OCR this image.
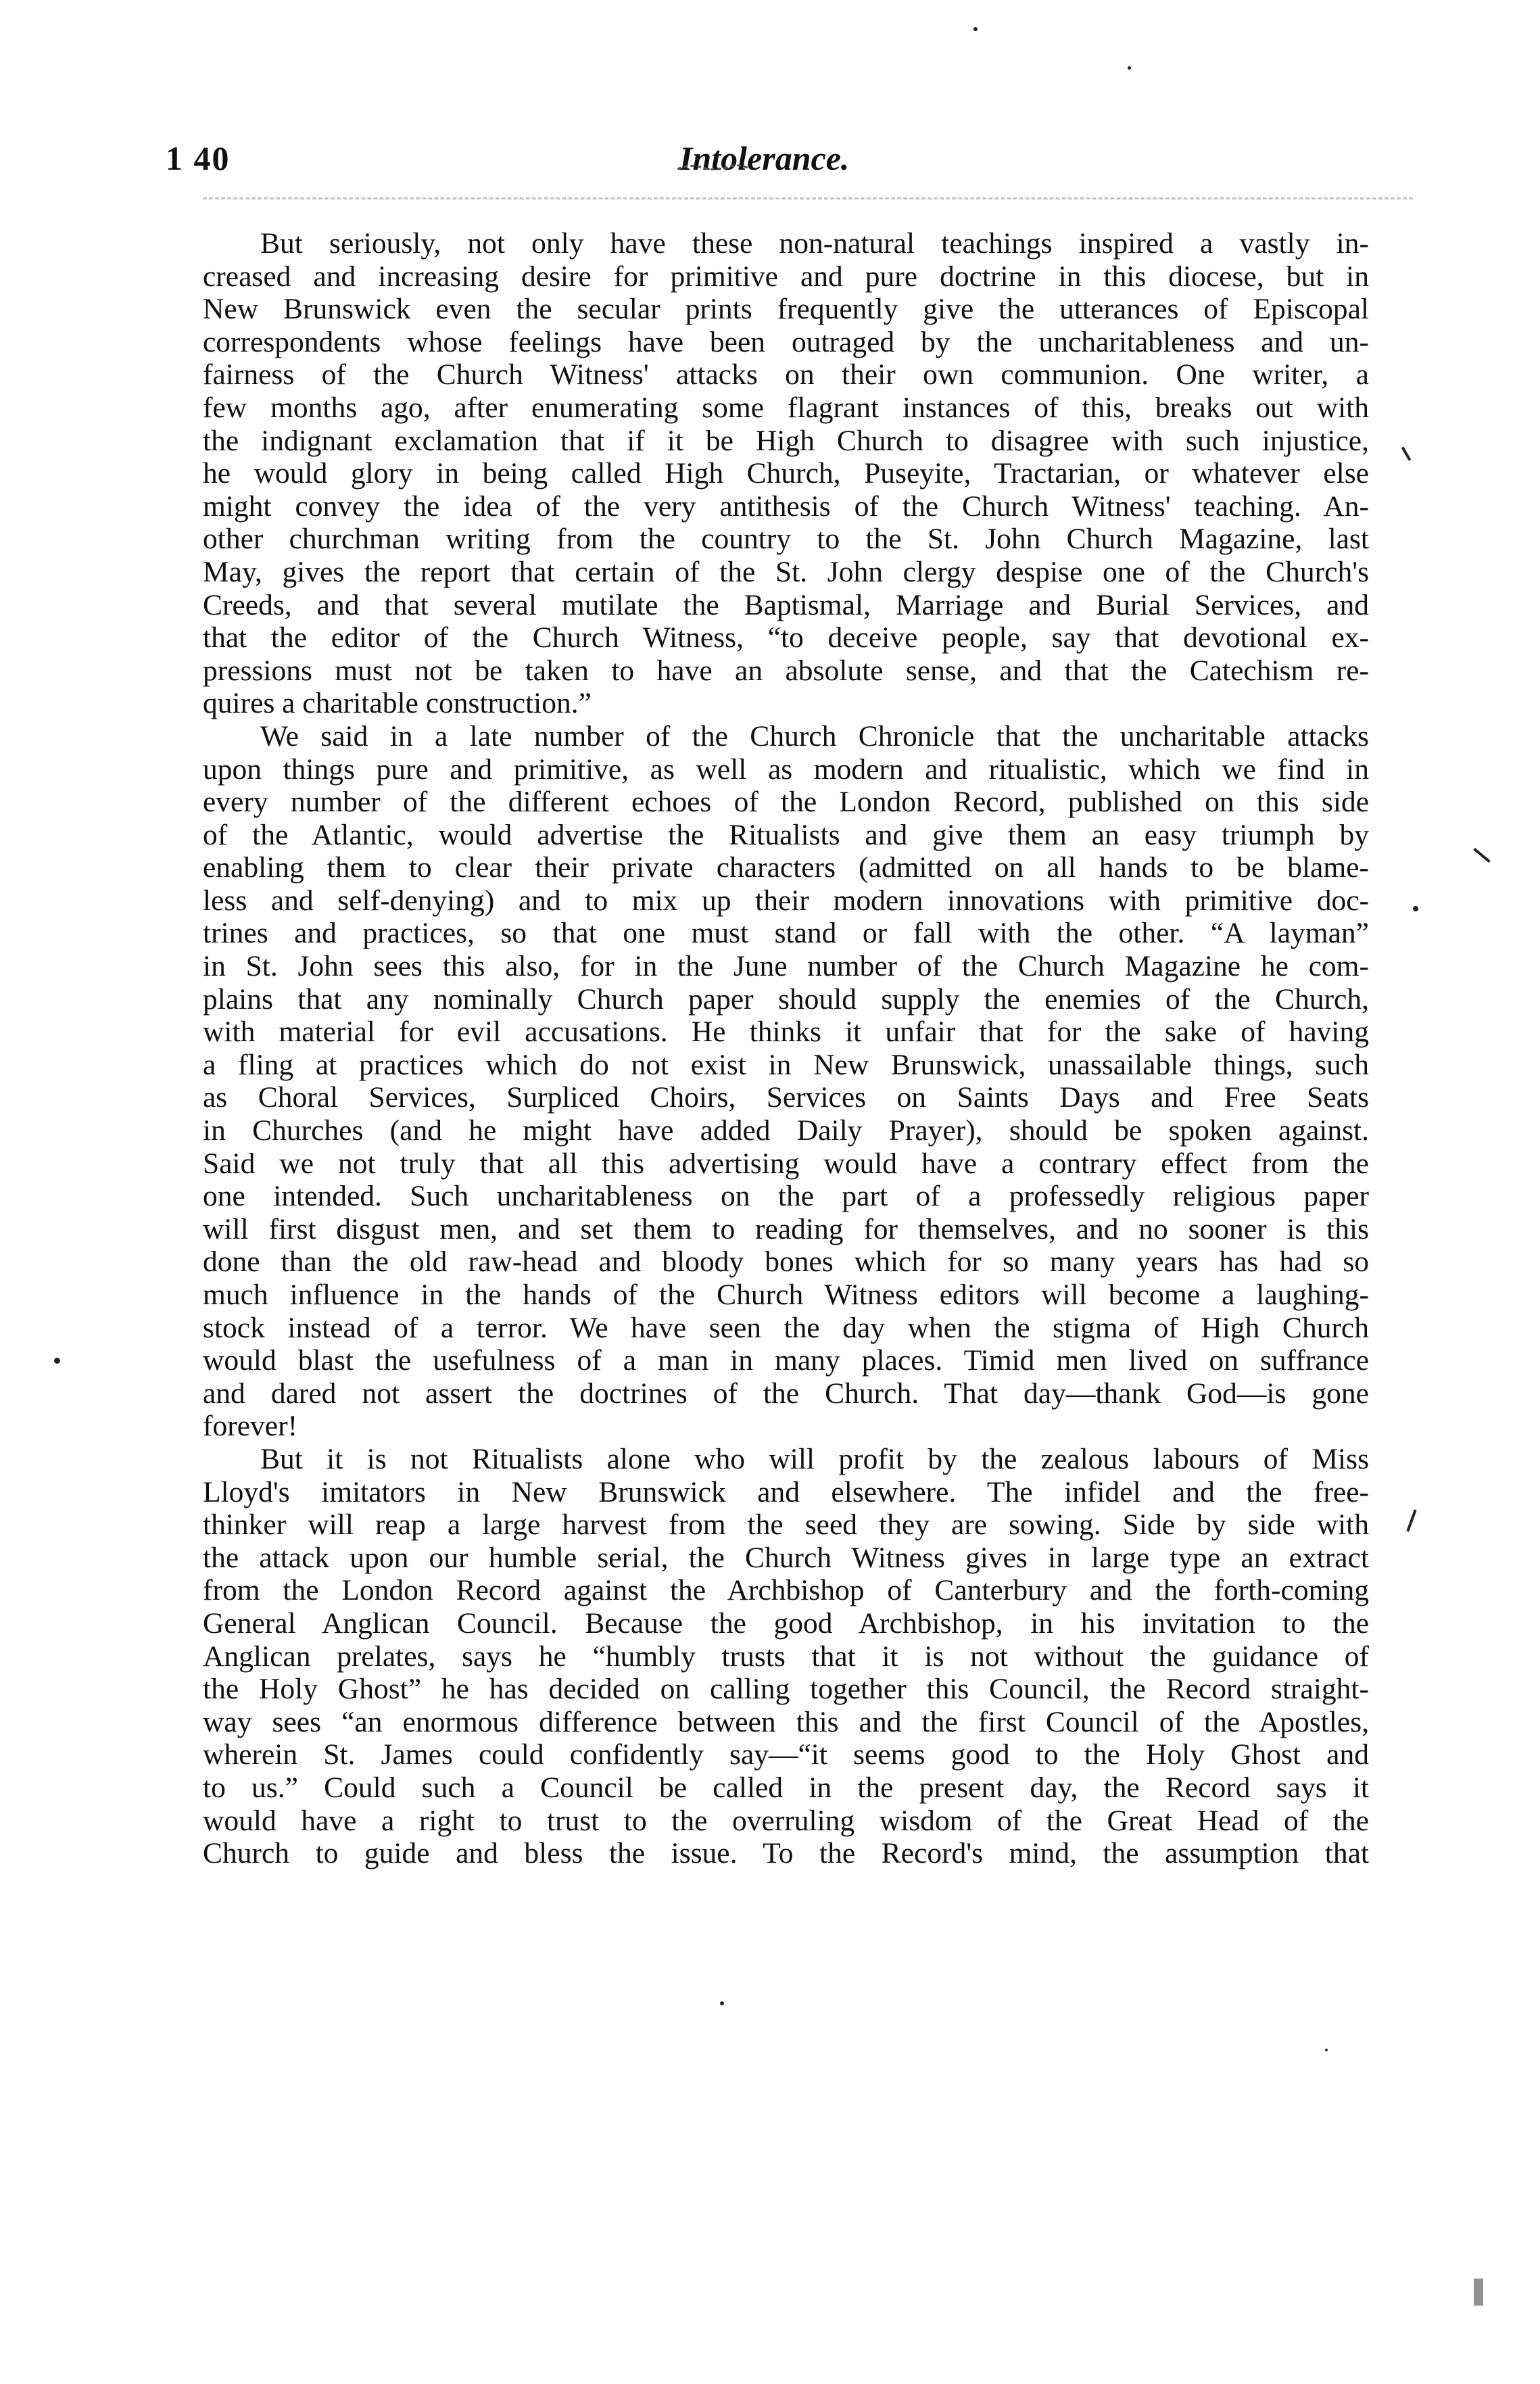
1 40	Intolerance.
But seriously, not only have these non-natural teachings inspired a vastly in-
creased and increasing desire for primitive and pure doctrine in this diocese, but in
New Brunswick even the secular prints frequently give the utterances of Episcopal
correspondents whose feelings have been outraged by the uncharitableness and un-
fairness of the Church Witness' attacks on their own communion. One writer, a
few months ago, after enumerating some flagrant instances of this, breaks out with
the indignant exclamation that if it be High Church to disagree with such injustice,
he would glory in being called High Church, Puseyite, Tractarian, or whatever else
might convey the idea of the very antithesis of the Church Witness' teaching. An-
other churchman writing from the country to the St. John Church Magazine, last
May, gives the report that certain of the St. John clergy despise one of the Church's
Creeds, and that several mutilate the Baptismal, Marriage and Burial Services, and
that the editor of the Church Witness, “to deceive people, say that devotional ex-
pressions must not be taken to have an absolute sense, and that the Catechism re-
quires a charitable construction.”
We said in a late number of the Church Chronicle that the uncharitable attacks
upon things pure and primitive, as well as modern and ritualistic, which we find in
every number of the different echoes of the London Record, published on this side
of the Atlantic, would advertise the Ritualists and give them an easy triumph by
enabling them to clear their private characters (admitted on all hands to be blame-
less and self-denying) and to mix up their modern innovations with primitive doc-
trines and practices, so that one must stand or fall with the other. “A layman”
in St. John sees this also, for in the June number of the Church Magazine he com-
plains that any nominally Church paper should supply the enemies of the Church,
with material for evil accusations. He thinks it unfair that for the sake of having
a fling at practices which do not exist in New Brunswick, unassailable things, such
as Choral Services, Surpliced Choirs, Services on Saints Days and Free Seats
in Churches (and he might have added Daily Prayer), should be spoken against.
Said we not truly that all this advertising would have a contrary effect from the
one intended. Such uncharitableness on the part of a professedly religious paper
will first disgust men, and set them to reading for themselves, and no sooner is this
done than the old raw-head and bloody bones which for so many years has had so
much influence in the hands of the Church Witness editors will become a laughing-
stock instead of a terror. We have seen the day when the stigma of High Church
would blast the usefulness of a man in many places. Timid men lived on suffrance
and dared not assert the doctrines of the Church. That day—thank God—is gone
forever!
But it is not Ritualists alone who will profit by the zealous labours of Miss
Lloyd's imitators in New Brunswick and elsewhere. The infidel and the free-
thinker will reap a large harvest from the seed they are sowing. Side by side with
the attack upon our humble serial, the Church Witness gives in large type an extract
from the London Record against the Archbishop of Canterbury and the forth-coming
General Anglican Council. Because the good Archbishop, in his invitation to the
Anglican prelates, says he “humbly trusts that it is not without the guidance of
the Holy Ghost” he has decided on calling together this Council, the Record straight-
way sees “an enormous difference between this and the first Council of the Apostles,
wherein St. James could confidently say—“it seems good to the Holy Ghost and
to us.” Could such a Council be called in the present day, the Record says it
would have a right to trust to the overruling wisdom of the Great Head of the
Church to guide and bless the issue. To the Record's mind, the assumption that
